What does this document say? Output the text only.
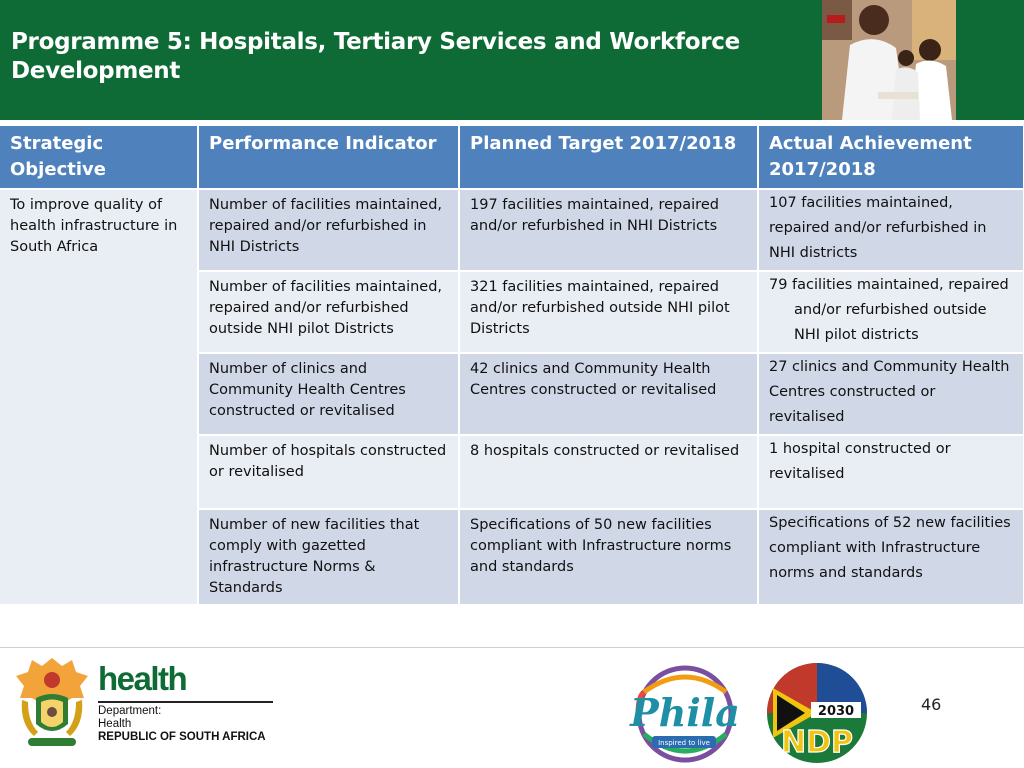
Programme 5: Hospitals, Tertiary Services and Workforce Development
Strategic Objective	Performance Indicator	Planned Target 2017/2018	Actual Achievement 2017/2018
To improve quality of health infrastructure in South Africa	Number of facilities maintained, repaired and/or refurbished in NHI Districts	197 facilities maintained, repaired and/or refurbished in NHI Districts	107 facilities maintained, repaired and/or refurbished in NHI districts
	Number of facilities maintained, repaired and/or refurbished outside NHI pilot Districts	321 facilities maintained, repaired and/or refurbished outside NHI pilot Districts	79 facilities maintained, repaired and/or refurbished outside NHI pilot districts
	Number of clinics and Community Health Centres constructed or revitalised	42 clinics and Community Health Centres constructed or revitalised	27 clinics and Community Health Centres constructed or revitalised
	Number of hospitals constructed or revitalised	8 hospitals constructed or revitalised	1 hospital constructed or revitalised
	Number of new facilities that comply with gazetted infrastructure Norms & Standards	Specifications of 50 new facilities compliant with Infrastructure norms and standards	Specifications of 52 new facilities compliant with Infrastructure norms and standards
health
Department:
Health
REPUBLIC OF SOUTH AFRICA
Phila
Inspired to live
2030
NDP
46
